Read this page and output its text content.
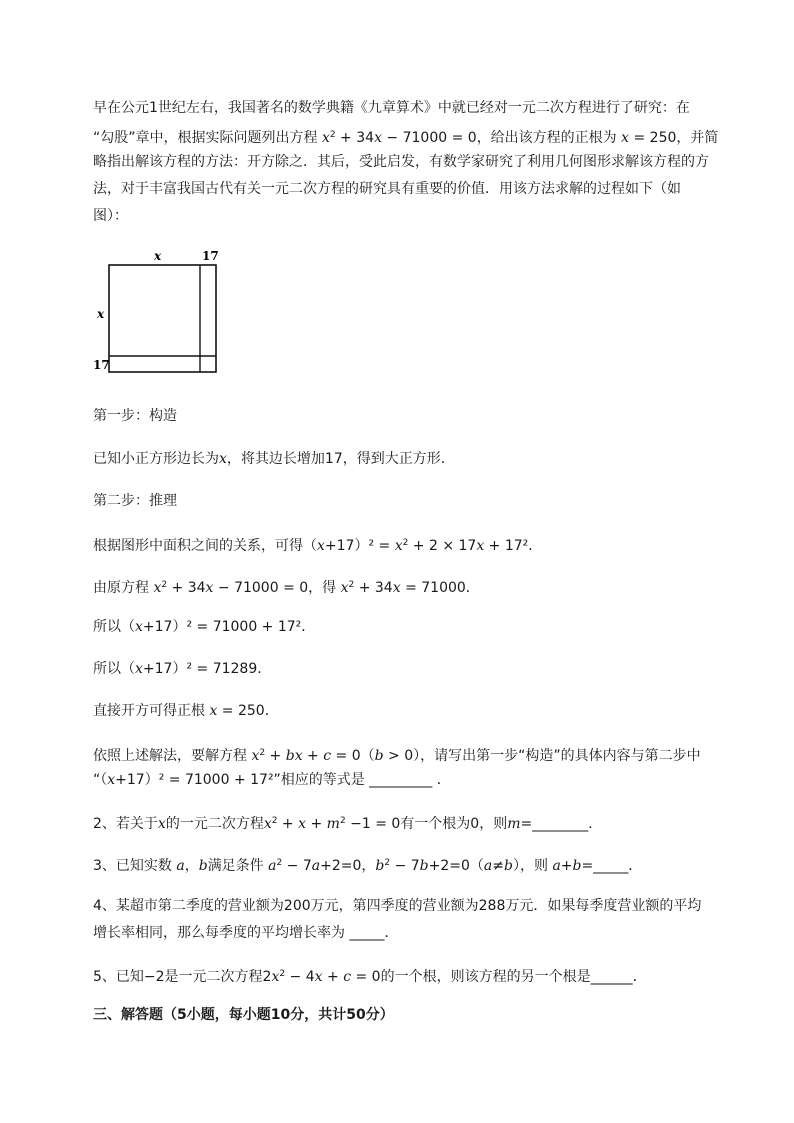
早在公元1世纪左右，我国著名的数学典籍《九章算术》中就已经对一元二次方程进行了研究：在
“勾股”章中，根据实际问题列出方程 $x^2 + 34x - 71000 = 0$，给出该方程的正根为 x = 250，并简
略指出解该方程的方法：开方除之．其后，受此启发，有数学家研究了利用几何图形求解该方程的方
法，对于丰富我国古代有关一元二次方程的研究具有重要的价值．用该方法求解的过程如下（如
图）：
x	17
x
17
第一步：构造
已知小正方形边长为x，将其边长增加17，得到大正方形．
第二步：推理
根据图形中面积之间的关系，可得$(x+17)^2 = x^2 + 2 \times 17x + 17^2$．
由原方程 $x^2 + 34x - 71000 = 0$，得 $x^2 + 34x = 71000$．
所以（x+17）² = 71000 + 17²．
所以（x+17）² = 71289．
直接开方可得正根 x = 250．
依照上述解法，要解方程 $x^2$ + bx + c = 0（b > 0），请写出第一步“构造”的具体内容与第二步中
“（x+17）² = 71000 + 17²”相应的等式是 _________ ．
2、若关于x的一元二次方程$x^2 + x + m^2 -1 = 0$有一个根为0，则m=________．
3、已知实数 a，b满足条件 $a^2 - 7a+2=0$，$b^2 - 7b+2=0(a\ne b)$，则 a+b=_____．
4、某超市第二季度的营业额为200万元，第四季度的营业额为288万元．如果每季度营业额的平均
增长率相同，那么每季度的平均增长率为 _____．
5、已知−2是一元二次方程$2x^2 - 4x + c = 0$的一个根，则该方程的另一个根是______．
三、解答题（5小题，每小题10分，共计50分）
